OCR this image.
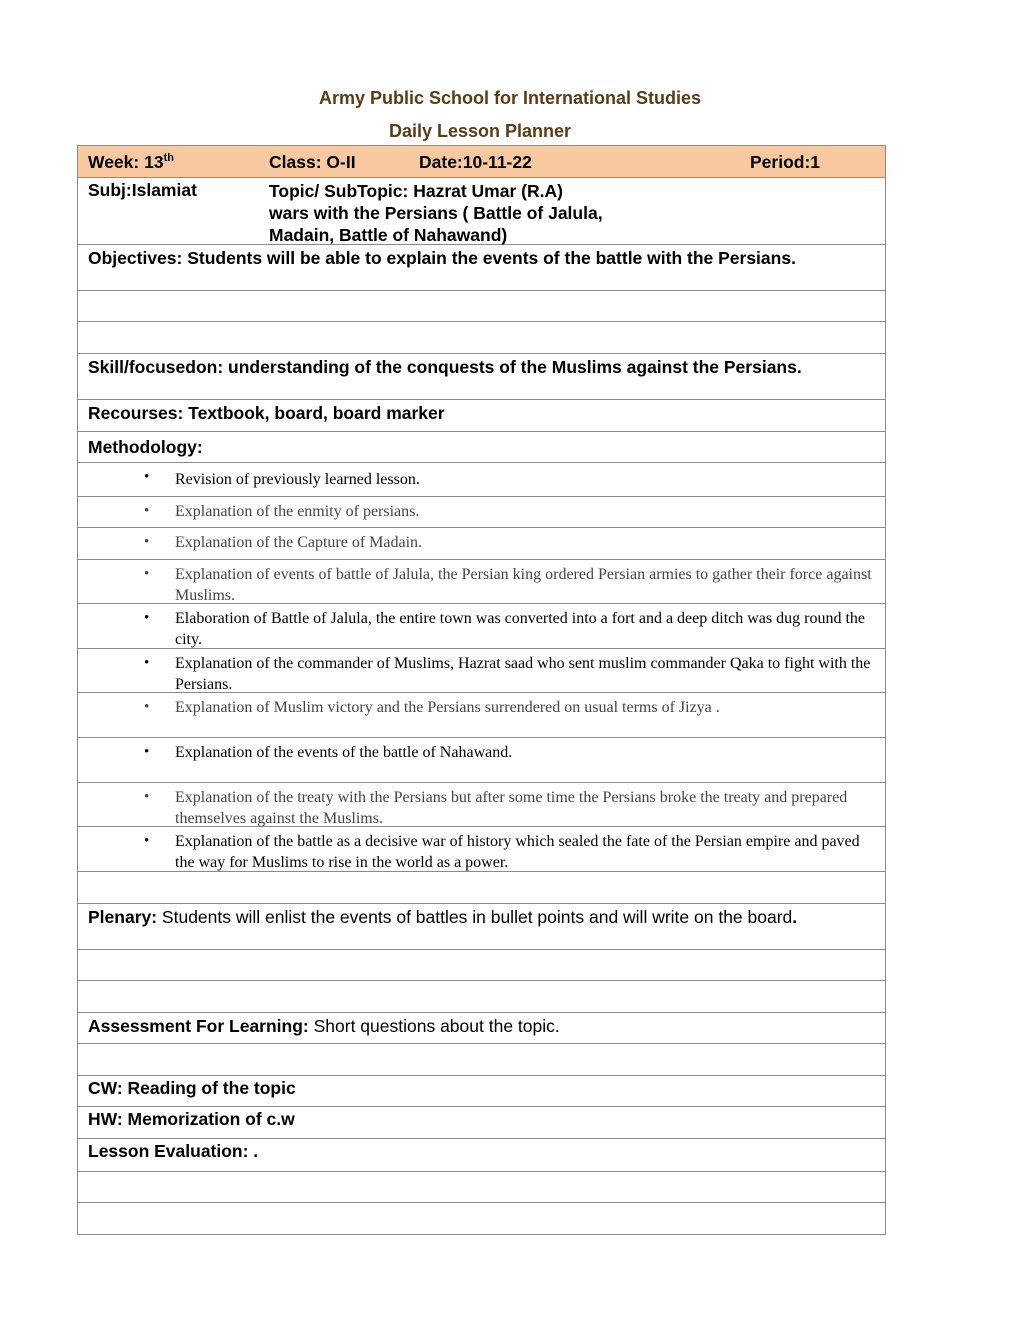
Army Public School for International Studies
Daily Lesson Planner
Week: 13th	Class: O-II	Date:10-11-22	Period:1
Subj:Islamiat	Topic/ SubTopic: Hazrat Umar (R.A)
wars with the Persians ( Battle of Jalula,
Madain, Battle of Nahawand)
Objectives: Students will be able to explain the events of the battle with the Persians.
Skill/focusedon: understanding of the conquests of the Muslims against the Persians.
Recourses: Textbook, board, board marker
Methodology:
• Revision of previously learned lesson.
• Explanation of the enmity of persians.
• Explanation of the Capture of Madain.
• Explanation of events of battle of Jalula, the Persian king ordered Persian armies to gather their force against Muslims.
• Elaboration of Battle of Jalula, the entire town was converted into a fort and a deep ditch was dug round the city.
• Explanation of the commander of Muslims, Hazrat saad who sent muslim commander Qaka to fight with the Persians.
• Explanation of Muslim victory and the Persians surrendered on usual terms of Jizya .
• Explanation of the events of the battle of Nahawand.
• Explanation of the treaty with the Persians but after some time the Persians broke the treaty and prepared themselves against the Muslims.
• Explanation of the battle as a decisive war of history which sealed the fate of the Persian empire and paved the way for Muslims to rise in the world as a power.
Plenary: Students will enlist the events of battles in bullet points and will write on the board.
Assessment For Learning: Short questions about the topic.
CW: Reading of the topic
HW: Memorization of c.w
Lesson Evaluation: .
